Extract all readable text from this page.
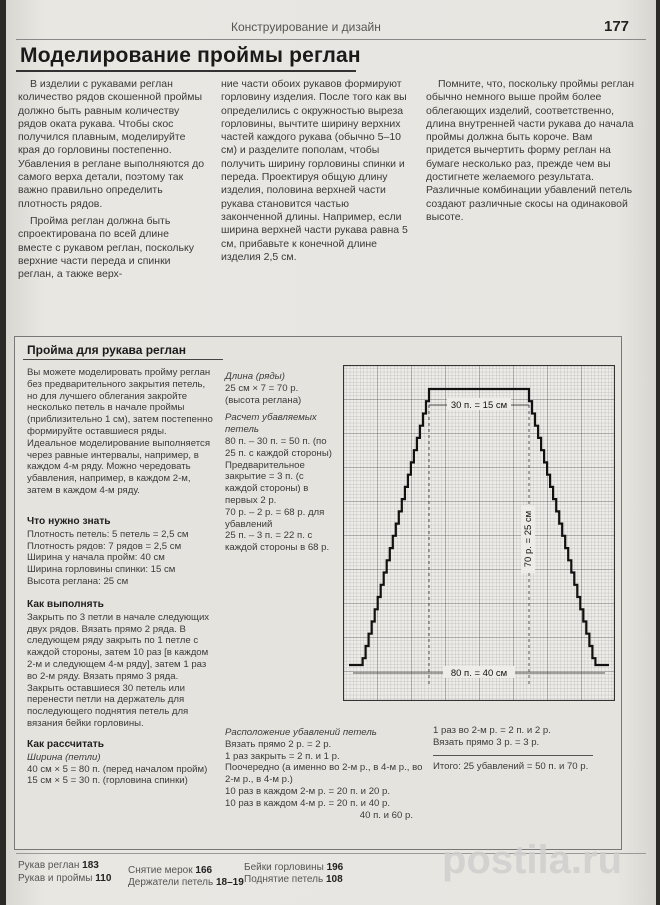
Конструирование и дизайн	177
Моделирование проймы реглан

В изделии с рукавами реглан количество рядов скошенной проймы должно быть равным количеству рядов оката рукава. Чтобы скос получился плавным, моделируйте края до горловины постепенно. Убавления в реглане выполняются до самого верха детали, поэтому так важно правильно определить плотность рядов.

Пройма реглан должна быть спроектирована по всей длине вместе с рукавом реглан, поскольку верхние части переда и спинки реглан, а также верх-

ние части обоих рукавов формируют горловину изделия. После того как вы определились с окружностью выреза горловины, вычтите ширину верхних частей каждого рукава (обычно 5–10 см) и разделите пополам, чтобы получить ширину горловины спинки и переда. Проектируя общую длину изделия, половина верхней части рукава становится частью законченной длины. Например, если ширина верхней части рукава равна 5 см, прибавьте к конечной длине изделия 2,5 см.

Помните, что, поскольку проймы реглан обычно немного выше пройм более облегающих изделий, соответственно, длина внутренней части рукава до начала проймы должна быть короче. Вам придется вычертить форму реглан на бумаге несколько раз, прежде чем вы достигнете желаемого результата. Различные комбинации убавлений петель создают различные скосы на одинаковой высоте.

Пройма для рукава реглан

Вы можете моделировать пройму реглан без предварительного закрытия петель, но для лучшего облегания закройте несколько петель в начале проймы (приблизительно 1 см), затем постепенно формируйте оставшиеся ряды.

Идеальное моделирование выполняется через равные интервалы, например, в каждом 4-м ряду. Можно чередовать убавления, например, в каждом 2-м, затем в каждом 4-м ряду.

Что нужно знать

Плотность петель: 5 петель = 2,5 см

Плотность рядов: 7 рядов = 2,5 см

Ширина у начала пройм: 40 см

Ширина горловины спинки: 15 см

Высота реглана: 25 см

Как выполнять

Закрыть по 3 петли в начале следующих двух рядов. Вязать прямо 2 ряда. В следующем ряду закрыть по 1 петле с каждой стороны, затем 10 раз [в каждом 2-м и следующем 4-м ряду], затем 1 раз во 2-м ряду. Вязать прямо 3 ряда. Закрыть оставшиеся 30 петель или перенести петли на держатель для последующего поднятия петель для вязания бейки горловины.

Как рассчитать

Ширина (петли)

40 см × 5 = 80 п. (перед началом пройм)

15 см × 5 = 30 п. (горловина спинки)

Длина (ряды)

25 см × 7 = 70 р. (высота реглана)

Расчет убавляемых петель

80 п. – 30 п. = 50 п. (по 25 п. с каждой стороны)

Предварительное закрытие = 3 п. (с каждой стороны) в первых 2 р.

70 р. – 2 р. = 68 р. для убавлений

25 п. – 3 п. = 22 п. с каждой стороны в 68 р.

30 п. = 15 см
80 п. = 40 см
70 р. = 25 см

Расположение убавлений петель

Вязать прямо 2 р. = 2 р.

1 раз закрыть = 2 п. и 1 р.

Поочередно (а именно во 2-м р., в 4-м р., во 2-м р., в 4-м р.)

10 раз в каждом 2-м р. = 20 п. и 20 р.

10 раз в каждом 4-м р. = 20 п. и 40 р.

40 п. и 60 р.

1 раз во 2-м р. = 2 п. и 2 р.

Вязать прямо 3 р. = 3 р.

Итого: 25 убавлений = 50 п. и 70 р.

Рукав реглан 183
Рукав и проймы 110
Снятие мерок 166
Держатели петель 18–19
Бейки горловины 196
Поднятие петель 108 postila.ru
